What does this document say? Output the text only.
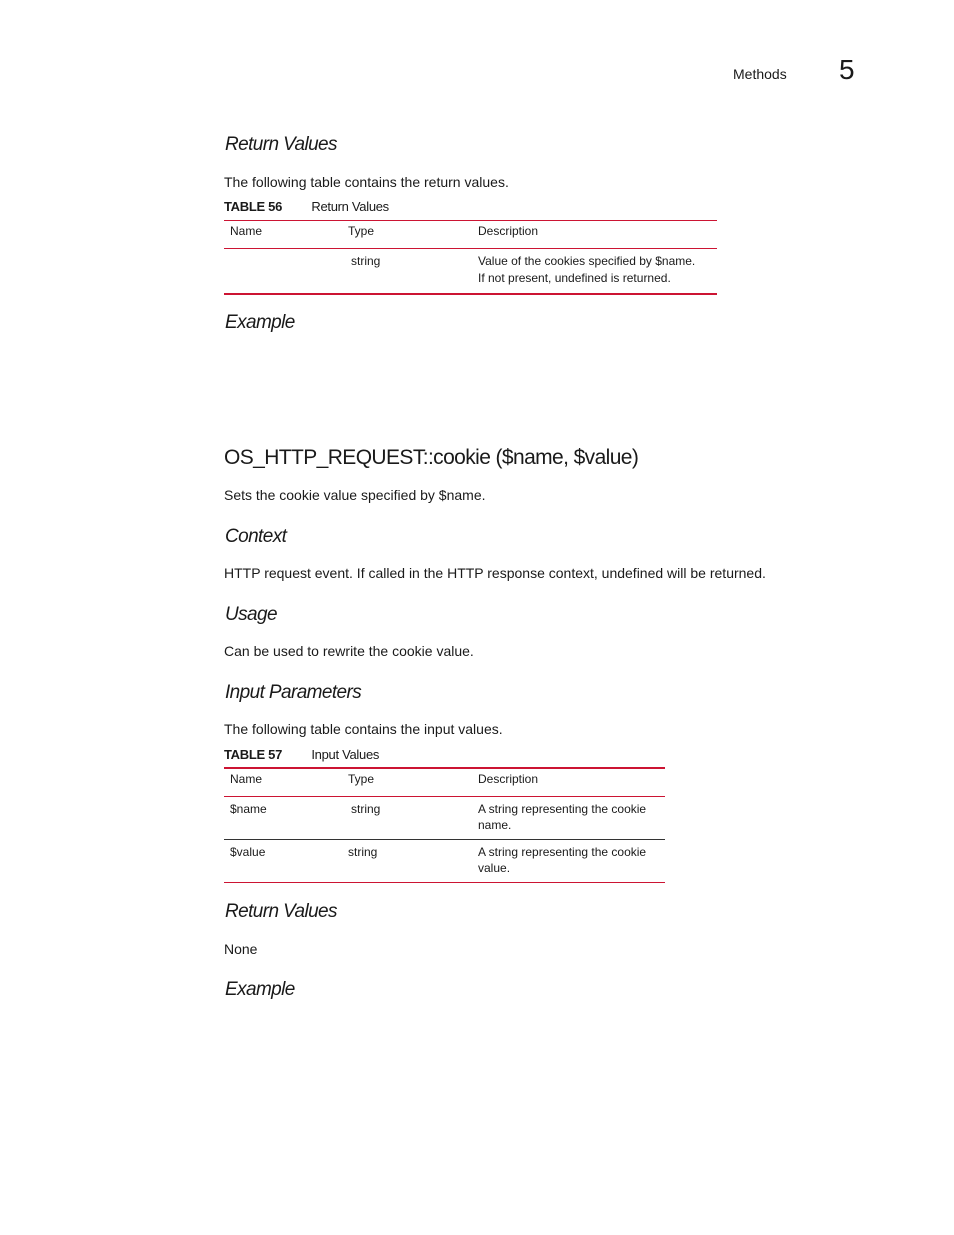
Methods 5
Return Values
The following table contains the return values.
TABLE 56 Return Values
Name	Type	Description
	string	Value of the cookies specified by $name.
If not present, undefined is returned.
Example
OS_HTTP_REQUEST::cookie ($name, $value)
Sets the cookie value specified by $name.
Context
HTTP request event. If called in the HTTP response context, undefined will be returned.
Usage
Can be used to rewrite the cookie value.
Input Parameters
The following table contains the input values.
TABLE 57 Input Values
Name	Type	Description
$name	string	A string representing the cookie
name.

$value	string	A string representing the cookie
value.
Return Values
None
Example
